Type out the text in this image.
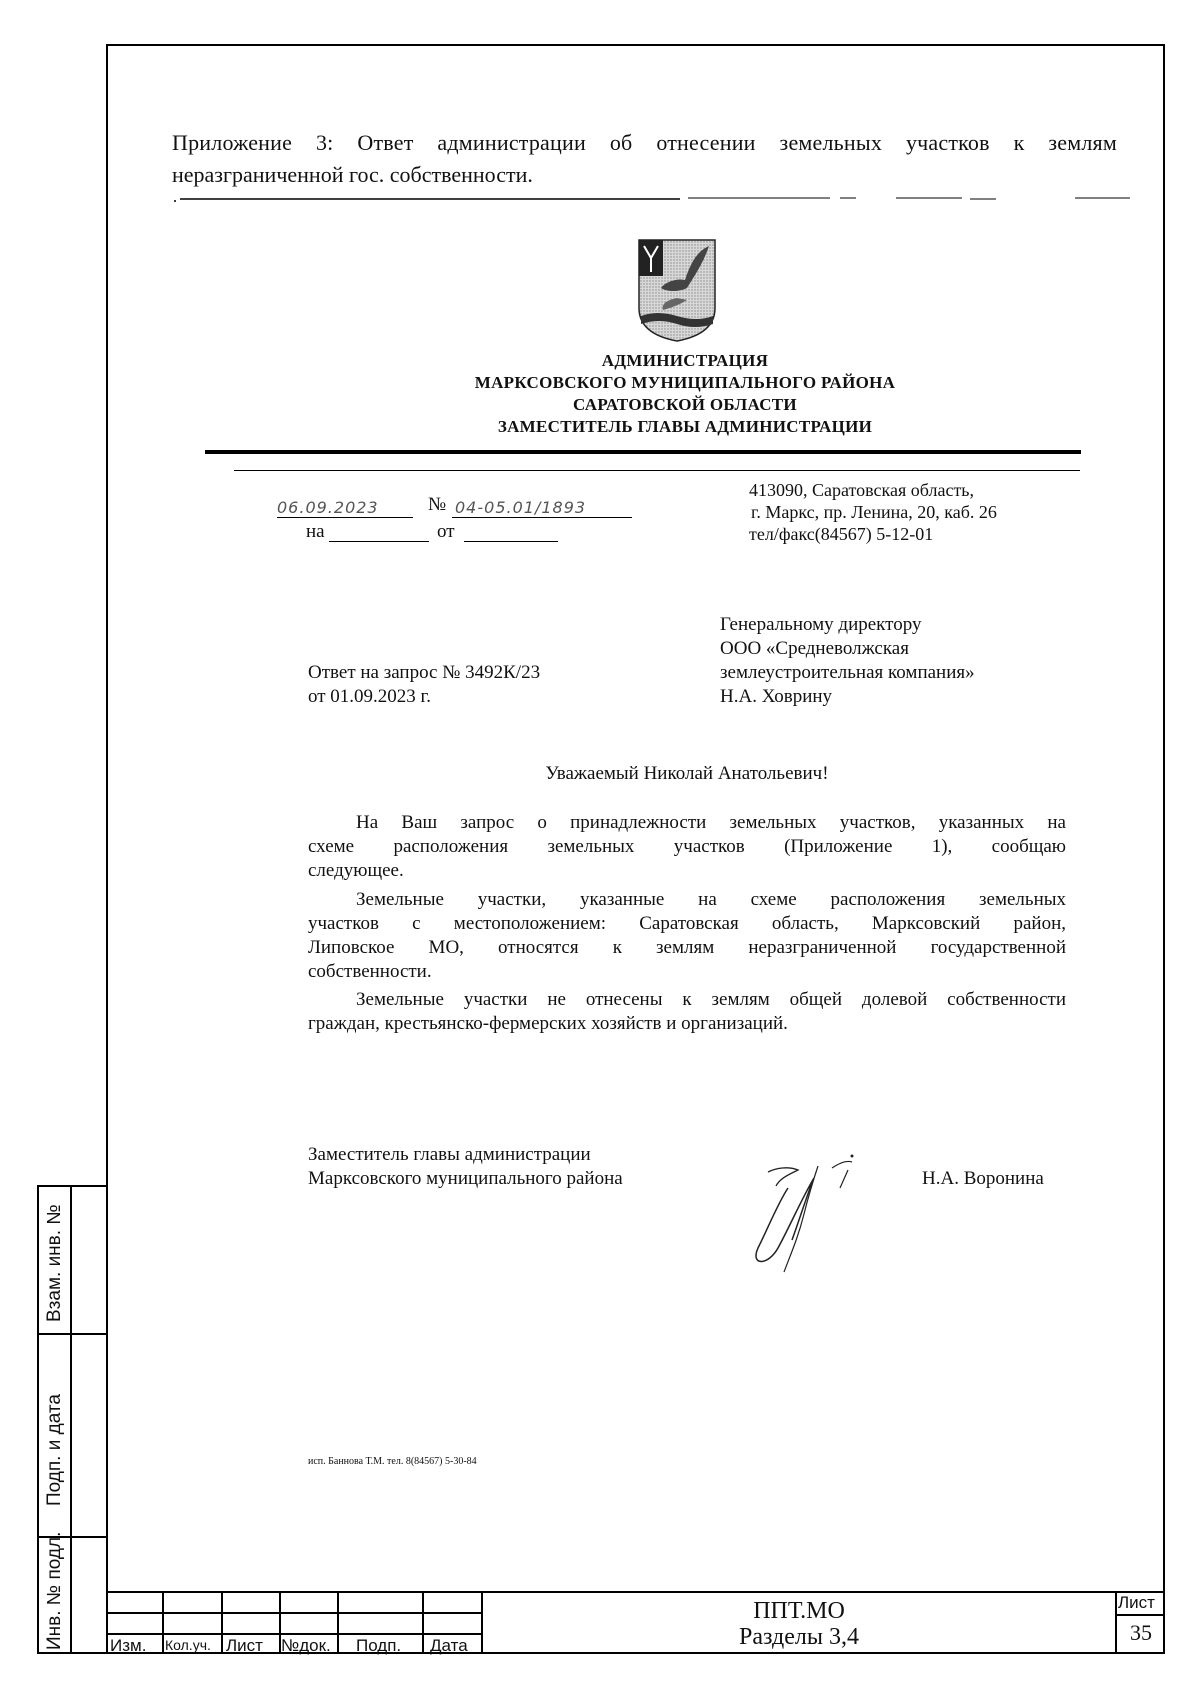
Взам. инв. №
Подп. и дата
Инв. № подл.
Приложение 3: Ответ администрации об отнесении земельных участков к землям
неразграниченной гос. собственности.
АДМИНИСТРАЦИЯ
МАРКСОВСКОГО МУНИЦИПАЛЬНОГО РАЙОНА
САРАТОВСКОЙ ОБЛАСТИ
ЗАМЕСТИТЕЛЬ ГЛАВЫ АДМИНИСТРАЦИИ
06.09.2023	№ 04-05.01/1893
на	от
413090, Саратовская область,
г. Маркс, пр. Ленина, 20, каб. 26
тел/факс(84567) 5-12-01
Генеральному директору
ООО «Средневолжская
землеустроительная компания»
Н.А. Ховрину
Ответ на запрос № 3492К/23
от 01.09.2023 г.
Уважаемый Николай Анатольевич!
На Ваш запрос о принадлежности земельных участков, указанных на
схеме расположения земельных участков (Приложение 1), сообщаю
следующее.
Земельные участки, указанные на схеме расположения земельных
участков с местоположением: Саратовская область, Марксовский район,
Липовское МО, относятся к землям неразграниченной государственной
собственности.
Земельные участки не отнесены к землям общей долевой собственности
граждан, крестьянско-фермерских хозяйств и организаций.
Заместитель главы администрации
Марксовского муниципального района	Н.А. Воронина
исп. Баннова Т.М. тел. 8(84567) 5-30-84
Изм. Кол.уч. Лист №док. Подп. Дата
ППТ.МО
Разделы 3,4
Лист
35
